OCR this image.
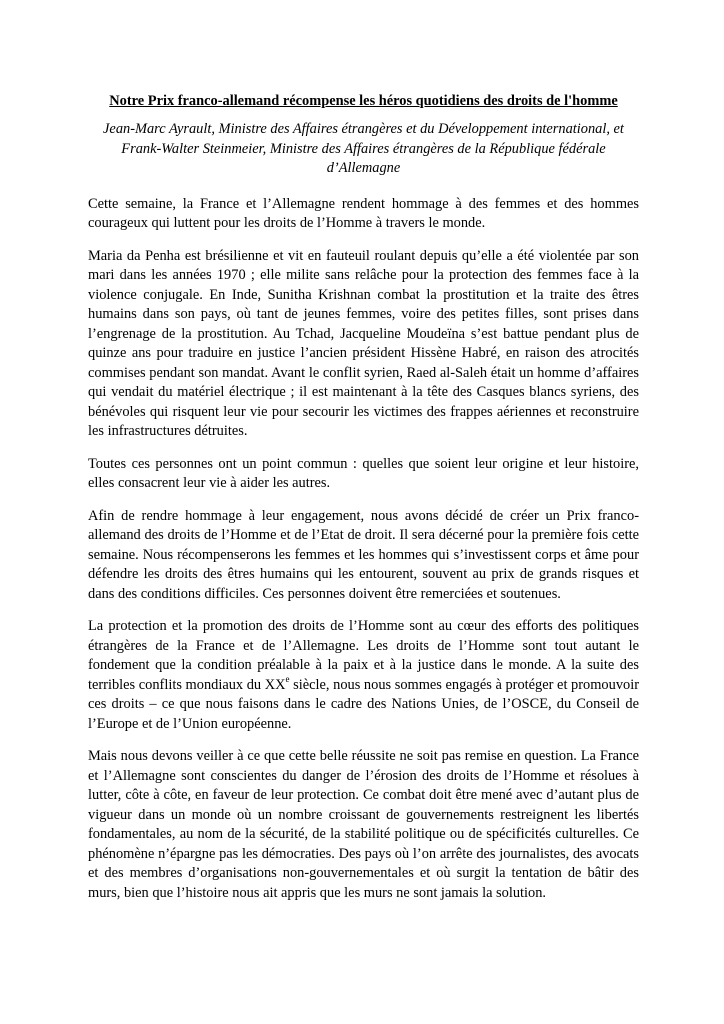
Notre Prix franco-allemand récompense les héros quotidiens des droits de l'homme
Jean-Marc Ayrault, Ministre des Affaires étrangères et du Développement international, et Frank-Walter Steinmeier, Ministre des Affaires étrangères de la République fédérale d’Allemagne

Cette semaine, la France et l’Allemagne rendent hommage à des femmes et des hommes courageux qui luttent pour les droits de l’Homme à travers le monde.

Maria da Penha est brésilienne et vit en fauteuil roulant depuis qu’elle a été violentée par son mari dans les années 1970 ; elle milite sans relâche pour la protection des femmes face à la violence conjugale. En Inde, Sunitha Krishnan combat la prostitution et la traite des êtres humains dans son pays, où tant de jeunes femmes, voire des petites filles, sont prises dans l’engrenage de la prostitution. Au Tchad, Jacqueline Moudeïna s’est battue pendant plus de quinze ans pour traduire en justice l’ancien président Hissène Habré, en raison des atrocités commises pendant son mandat. Avant le conflit syrien, Raed al-Saleh était un homme d’affaires qui vendait du matériel électrique ; il est maintenant à la tête des Casques blancs syriens, des bénévoles qui risquent leur vie pour secourir les victimes des frappes aériennes et reconstruire les infrastructures détruites.

Toutes ces personnes ont un point commun : quelles que soient leur origine et leur histoire, elles consacrent leur vie à aider les autres.

Afin de rendre hommage à leur engagement, nous avons décidé de créer un Prix franco-allemand des droits de l’Homme et de l’Etat de droit. Il sera décerné pour la première fois cette semaine. Nous récompenserons les femmes et les hommes qui s’investissent corps et âme pour défendre les droits des êtres humains qui les entourent, souvent au prix de grands risques et dans des conditions difficiles. Ces personnes doivent être remerciées et soutenues.

La protection et la promotion des droits de l’Homme sont au cœur des efforts des politiques étrangères de la France et de l’Allemagne. Les droits de l’Homme sont tout autant le fondement que la condition préalable à la paix et à la justice dans le monde. A la suite des terribles conflits mondiaux du XXe siècle, nous nous sommes engagés à protéger et promouvoir ces droits – ce que nous faisons dans le cadre des Nations Unies, de l’OSCE, du Conseil de l’Europe et de l’Union européenne.

Mais nous devons veiller à ce que cette belle réussite ne soit pas remise en question. La France et l’Allemagne sont conscientes du danger de l’érosion des droits de l’Homme et résolues à lutter, côte à côte, en faveur de leur protection. Ce combat doit être mené avec d’autant plus de vigueur dans un monde où un nombre croissant de gouvernements restreignent les libertés fondamentales, au nom de la sécurité, de la stabilité politique ou de spécificités culturelles. Ce phénomène n’épargne pas les démocraties. Des pays où l’on arrête des journalistes, des avocats et des membres d’organisations non-gouvernementales et où surgit la tentation de bâtir des murs, bien que l’histoire nous ait appris que les murs ne sont jamais la solution.
